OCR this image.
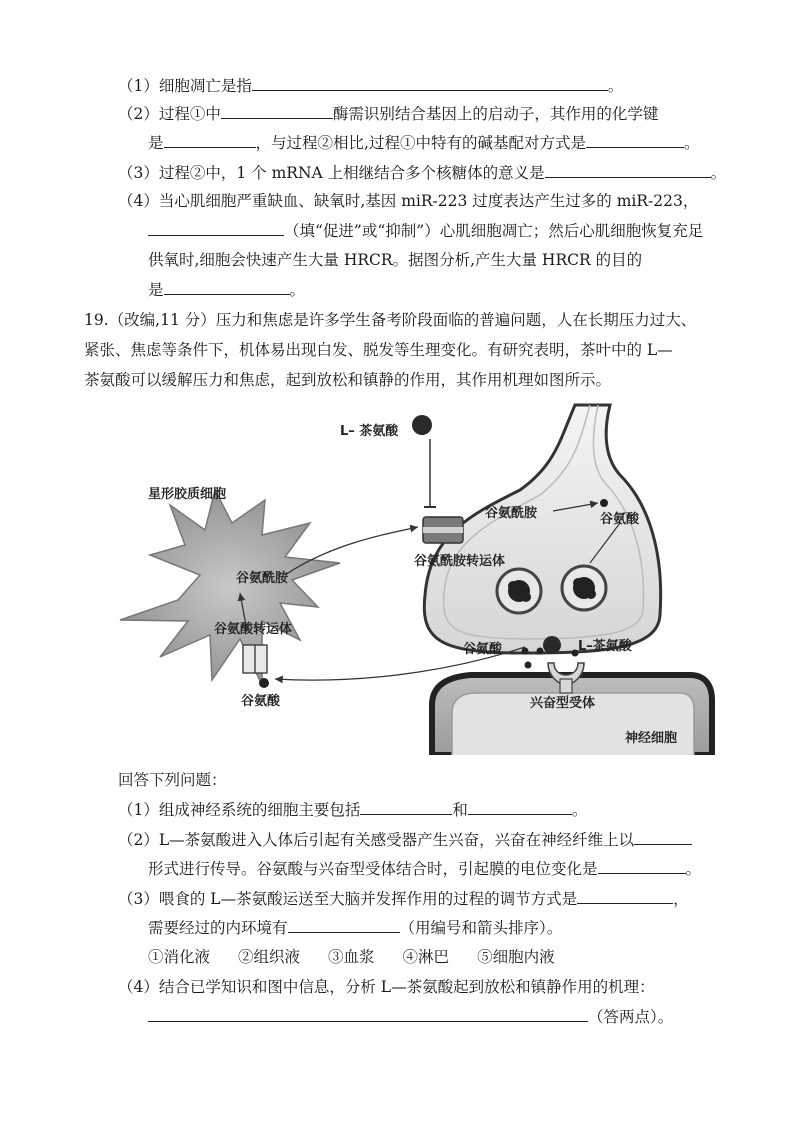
（1）细胞凋亡是指	。
（2）过程①中	酶需识别结合基因上的启动子，其作用的化学键
是	，与过程②相比,过程①中特有的碱基配对方式是	。
（3）过程②中，1 个 mRNA 上相继结合多个核糖体的意义是	。
（4）当心肌细胞严重缺血、缺氧时,基因 miR-223 过度表达产生过多的 miR-223，
（填“促进”或“抑制”）心肌细胞凋亡；然后心肌细胞恢复充足
供氧时,细胞会快速产生大量 HRCR。据图分析,产生大量 HRCR 的目的
是	。
19.（改编,11 分）压力和焦虑是许多学生备考阶段面临的普遍问题，人在长期压力过大、
紧张、焦虑等条件下，机体易出现白发、脱发等生理变化。有研究表明，茶叶中的 L—
茶氨酸可以缓解压力和焦虑，起到放松和镇静的作用，其作用机理如图所示。
L– 茶氨酸
星形胶质细胞
谷氨酰胺	谷氨酸
谷氨酰胺转运体
谷氨酰胺
谷氨酸转运体
谷氨酸
谷氨酸	L–茶氨酸
兴奋型受体
神经细胞
回答下列问题：
（1）组成神经系统的细胞主要包括	和	。
（2）L—茶氨酸进入人体后引起有关感受器产生兴奋，兴奋在神经纤维上以
形式进行传导。谷氨酸与兴奋型受体结合时，引起膜的电位变化是	。
（3）喂食的 L—茶氨酸运送至大脑并发挥作用的过程的调节方式是	，
需要经过的内环境有	（用编号和箭头排序）。
①消化液 ②组织液 ③血浆 ④淋巴 ⑤细胞内液
（4）结合已学知识和图中信息，分析 L—茶氨酸起到放松和镇静作用的机理：
（答两点）。
